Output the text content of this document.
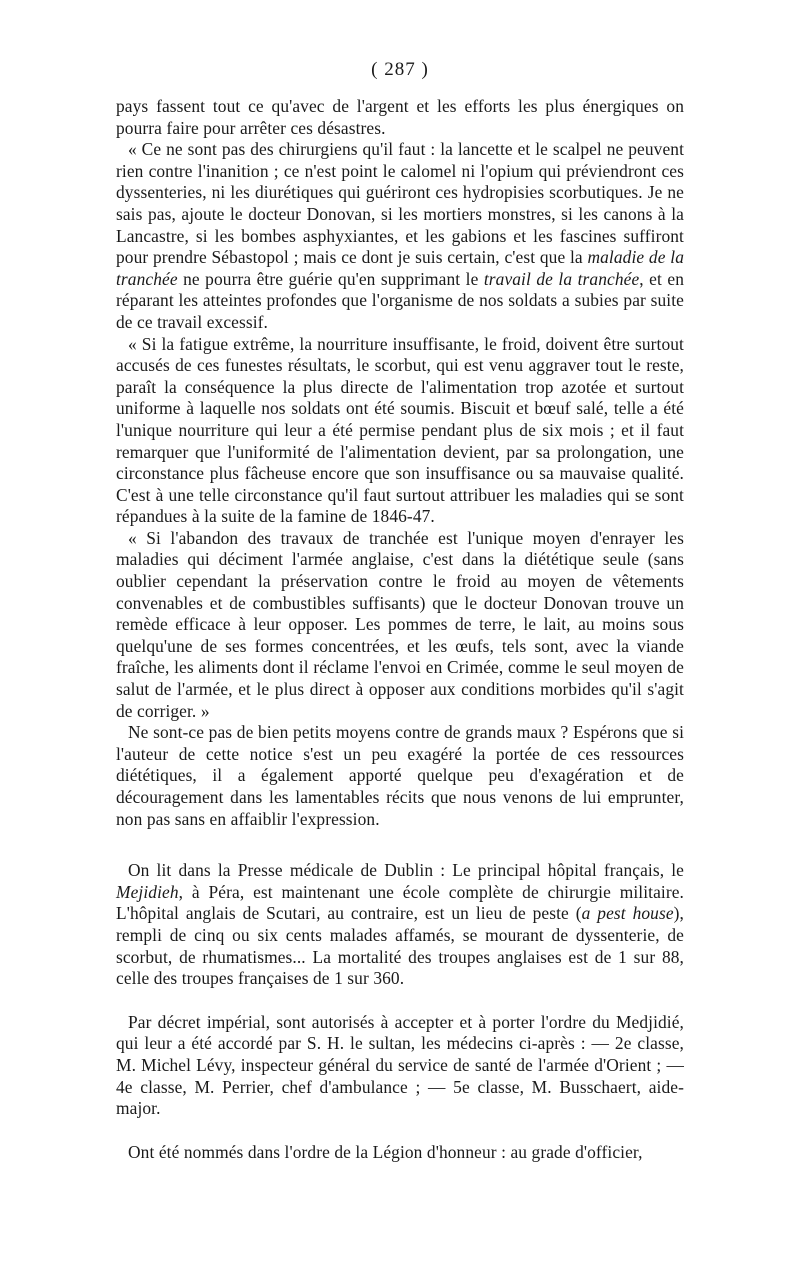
( 287 )

pays fassent tout ce qu'avec de l'argent et les efforts les plus énergiques on pourra faire pour arrêter ces désastres.

« Ce ne sont pas des chirurgiens qu'il faut : la lancette et le scalpel ne peuvent rien contre l'inanition ; ce n'est point le calomel ni l'opium qui préviendront ces dyssenteries, ni les diurétiques qui guériront ces hydropisies scorbutiques. Je ne sais pas, ajoute le docteur Donovan, si les mortiers monstres, si les canons à la Lancastre, si les bombes asphyxiantes, et les gabions et les fascines suffiront pour prendre Sébastopol ; mais ce dont je suis certain, c'est que la maladie de la tranchée ne pourra être guérie qu'en supprimant le travail de la tranchée, et en réparant les atteintes profondes que l'organisme de nos soldats a subies par suite de ce travail excessif.

« Si la fatigue extrême, la nourriture insuffisante, le froid, doivent être surtout accusés de ces funestes résultats, le scorbut, qui est venu aggraver tout le reste, paraît la conséquence la plus directe de l'alimentation trop azotée et surtout uniforme à laquelle nos soldats ont été soumis. Biscuit et bœuf salé, telle a été l'unique nourriture qui leur a été permise pendant plus de six mois ; et il faut remarquer que l'uniformité de l'alimentation devient, par sa prolongation, une circonstance plus fâcheuse encore que son insuffisance ou sa mauvaise qualité. C'est à une telle circonstance qu'il faut surtout attribuer les maladies qui se sont répandues à la suite de la famine de 1846-47.

« Si l'abandon des travaux de tranchée est l'unique moyen d'enrayer les maladies qui déciment l'armée anglaise, c'est dans la diététique seule (sans oublier cependant la préservation contre le froid au moyen de vêtements convenables et de combustibles suffisants) que le docteur Donovan trouve un remède efficace à leur opposer. Les pommes de terre, le lait, au moins sous quelqu'une de ses formes concentrées, et les œufs, tels sont, avec la viande fraîche, les aliments dont il réclame l'envoi en Crimée, comme le seul moyen de salut de l'armée, et le plus direct à opposer aux conditions morbides qu'il s'agit de corriger. »

Ne sont-ce pas de bien petits moyens contre de grands maux ? Espérons que si l'auteur de cette notice s'est un peu exagéré la portée de ces ressources diététiques, il a également apporté quelque peu d'exagération et de découragement dans les lamentables récits que nous venons de lui emprunter, non pas sans en affaiblir l'expression.

On lit dans la Presse médicale de Dublin : Le principal hôpital français, le Mejidieh, à Péra, est maintenant une école complète de chirurgie militaire. L'hôpital anglais de Scutari, au contraire, est un lieu de peste (a pest house), rempli de cinq ou six cents malades affamés, se mourant de dyssenterie, de scorbut, de rhumatismes... La mortalité des troupes anglaises est de 1 sur 88, celle des troupes françaises de 1 sur 360.

Par décret impérial, sont autorisés à accepter et à porter l'ordre du Medjidié, qui leur a été accordé par S. H. le sultan, les médecins ci-après : — 2e classe, M. Michel Lévy, inspecteur général du service de santé de l'armée d'Orient ; — 4e classe, M. Perrier, chef d'ambulance ; — 5e classe, M. Busschaert, aide-major.

Ont été nommés dans l'ordre de la Légion d'honneur : au grade d'officier,
